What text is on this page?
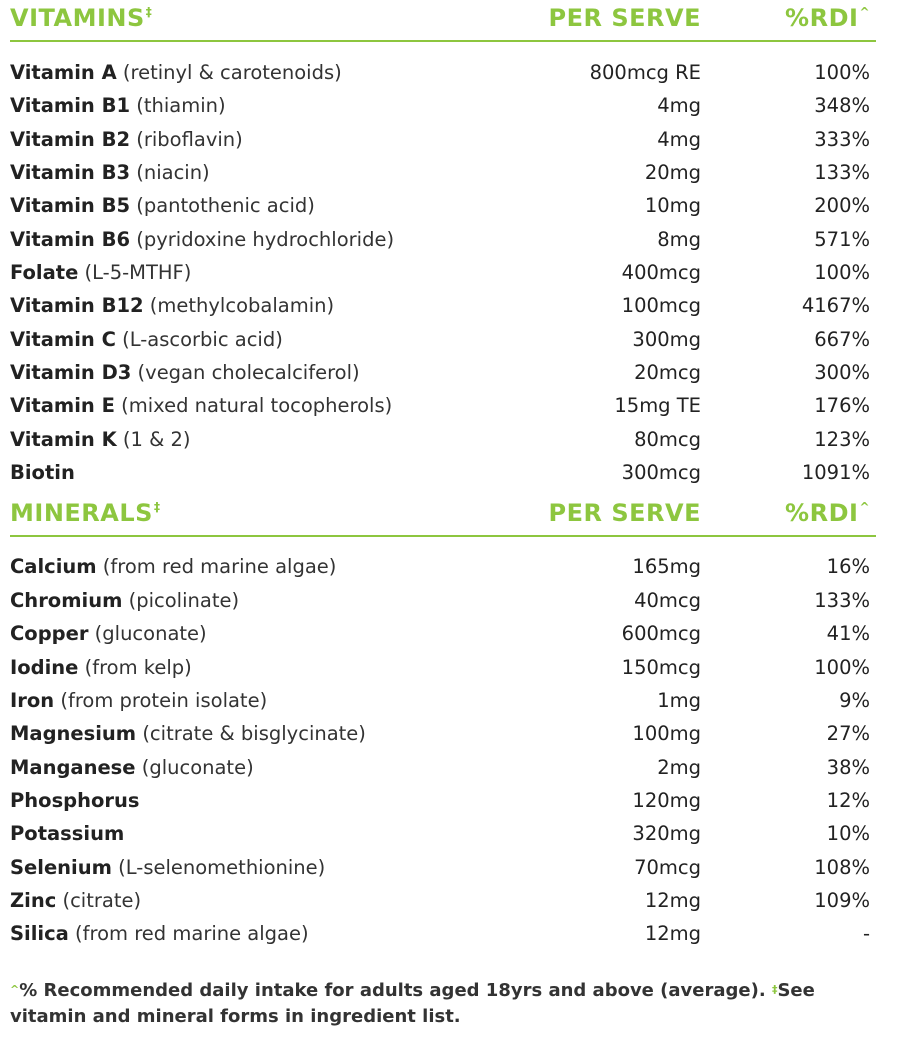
VITAMINS‡	PER SERVE	%RDI^
Vitamin A (retinyl & carotenoids)	800mcg RE	100%
Vitamin B1 (thiamin)	4mg	348%
Vitamin B2 (riboflavin)	4mg	333%
Vitamin B3 (niacin)	20mg	133%
Vitamin B5 (pantothenic acid)	10mg	200%
Vitamin B6 (pyridoxine hydrochloride)	8mg	571%
Folate (L-5-MTHF)	400mcg	100%
Vitamin B12 (methylcobalamin)	100mcg	4167%
Vitamin C (L-ascorbic acid)	300mg	667%
Vitamin D3 (vegan cholecalciferol)	20mcg	300%
Vitamin E (mixed natural tocopherols)	15mg TE	176%
Vitamin K (1 & 2)	80mcg	123%
Biotin	300mcg	1091%
MINERALS‡	PER SERVE	%RDI^
Calcium (from red marine algae)	165mg	16%
Chromium (picolinate)	40mcg	133%
Copper (gluconate)	600mcg	41%
Iodine (from kelp)	150mcg	100%
Iron (from protein isolate)	1mg	9%
Magnesium (citrate & bisglycinate)	100mg	27%
Manganese (gluconate)	2mg	38%
Phosphorus	120mg	12%
Potassium	320mg	10%
Selenium (L-selenomethionine)	70mcg	108%
Zinc (citrate)	12mg	109%
Silica (from red marine algae)	12mg	-
^% Recommended daily intake for adults aged 18yrs and above (average). ‡See vitamin and mineral forms in ingredient list.
